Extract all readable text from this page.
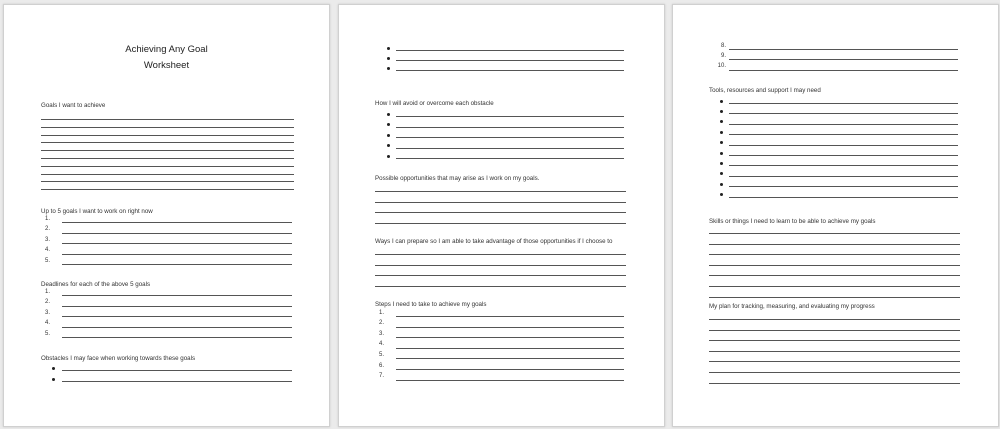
Achieving Any Goal
Worksheet
Goals I want to achieve
Up to 5 goals I want to work on right now
1.
2.
3.
4.
5.
Deadlines for each of the above 5 goals
1.
2.
3.
4.
5.
Obstacles I may face when working towards these goals
How I will avoid or overcome each obstacle
Possible opportunities that may arise as I work on my goals.
Ways I can prepare so I am able to take advantage of those opportunities if I choose to
Steps I need to take to achieve my goals
1.
2.
3.
4.
5.
6.
7.
8.
9.
10.
Tools, resources and support I may need
Skills or things I need to learn to be able to achieve my goals
My plan for tracking, measuring, and evaluating my progress
